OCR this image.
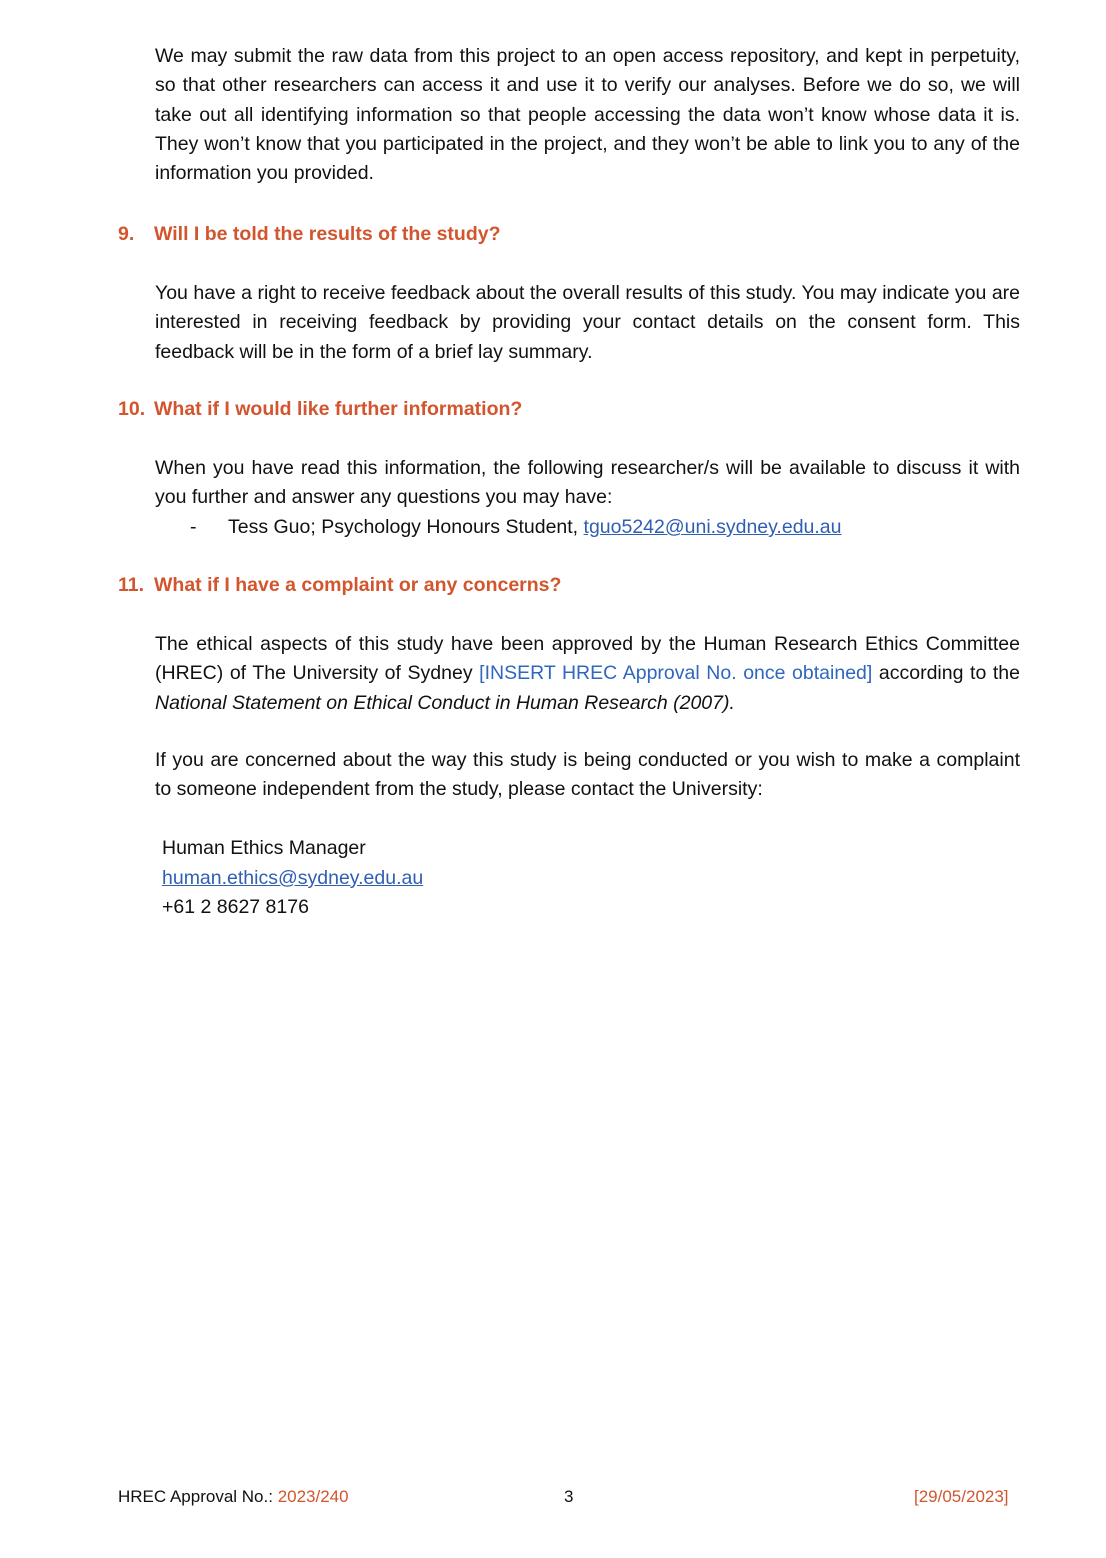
We may submit the raw data from this project to an open access repository, and kept in perpetuity, so that other researchers can access it and use it to verify our analyses. Before we do so, we will take out all identifying information so that people accessing the data won’t know whose data it is. They won’t know that you participated in the project, and they won’t be able to link you to any of the information you provided.

9. Will I be told the results of the study?

You have a right to receive feedback about the overall results of this study. You may indicate you are interested in receiving feedback by providing your contact details on the consent form. This feedback will be in the form of a brief lay summary.

10. What if I would like further information?

When you have read this information, the following researcher/s will be available to discuss it with you further and answer any questions you may have:

- Tess Guo; Psychology Honours Student, tguo5242@uni.sydney.edu.au
11. What if I have a complaint or any concerns?

The ethical aspects of this study have been approved by the Human Research Ethics Committee (HREC) of The University of Sydney [INSERT HREC Approval No. once obtained] according to the National Statement on Ethical Conduct in Human Research (2007).

If you are concerned about the way this study is being conducted or you wish to make a complaint to someone independent from the study, please contact the University:

Human Ethics Manager
human.ethics@sydney.edu.au
+61 2 8627 8176
HREC Approval No.: 2023/240	3	[29/05/2023]
